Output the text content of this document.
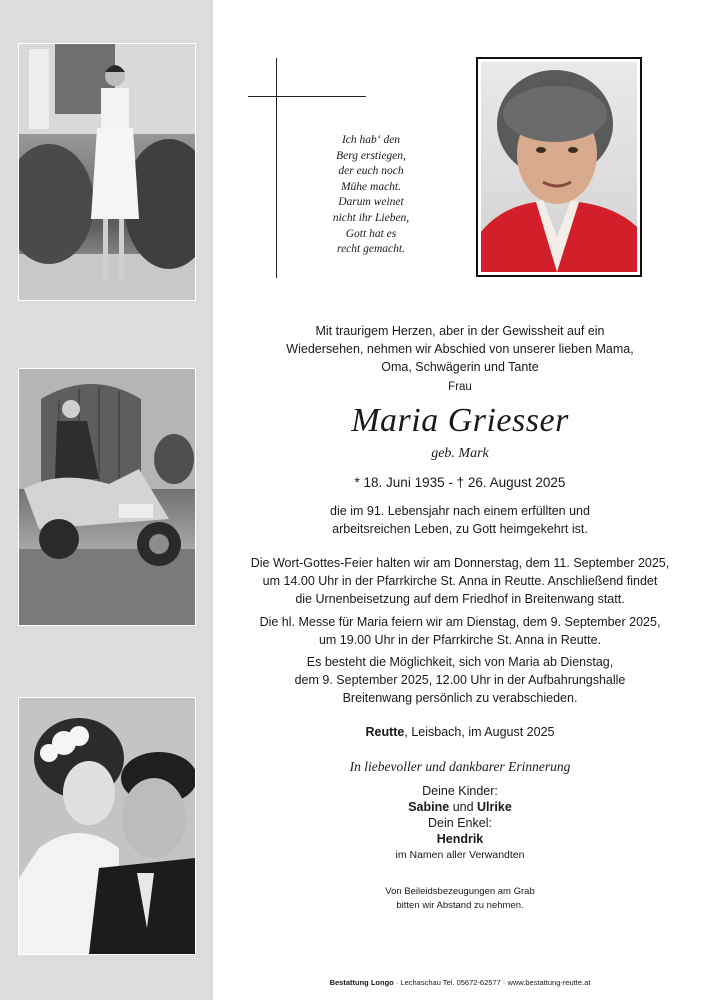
Ich hab‘ den
Berg erstiegen,
der euch noch
Mühe macht.
Darum weinet
nicht ihr Lieben,
Gott hat es
recht gemacht.
Mit traurigem Herzen, aber in der Gewissheit auf ein
Wiedersehen, nehmen wir Abschied von unserer lieben Mama,
Oma, Schwägerin und Tante
Frau
Maria Griesser
geb. Mark
* 18. Juni 1935 - † 26. August 2025
die im 91. Lebensjahr nach einem erfüllten und
arbeitsreichen Leben, zu Gott heimgekehrt ist.
Die Wort-Gottes-Feier halten wir am Donnerstag, dem 11. September 2025,
um 14.00 Uhr in der Pfarrkirche St. Anna in Reutte. Anschließend findet
die Urnenbeisetzung auf dem Friedhof in Breitenwang statt.
Die hl. Messe für Maria feiern wir am Dienstag, dem 9. September 2025,
um 19.00 Uhr in der Pfarrkirche St. Anna in Reutte.
Es besteht die Möglichkeit, sich von Maria ab Dienstag,
dem 9. September 2025, 12.00 Uhr in der Aufbahrungshalle
Breitenwang persönlich zu verabschieden.
Reutte, Leisbach, im August 2025
In liebevoller und dankbarer Erinnerung
Deine Kinder:
Sabine und Ulrike
Dein Enkel:
Hendrik
im Namen aller Verwandten
Von Beileidsbezeugungen am Grab
bitten wir Abstand zu nehmen.
Bestattung Longo · Lechaschau Tel. 05672-62577 · www.bestattung-reutte.at
